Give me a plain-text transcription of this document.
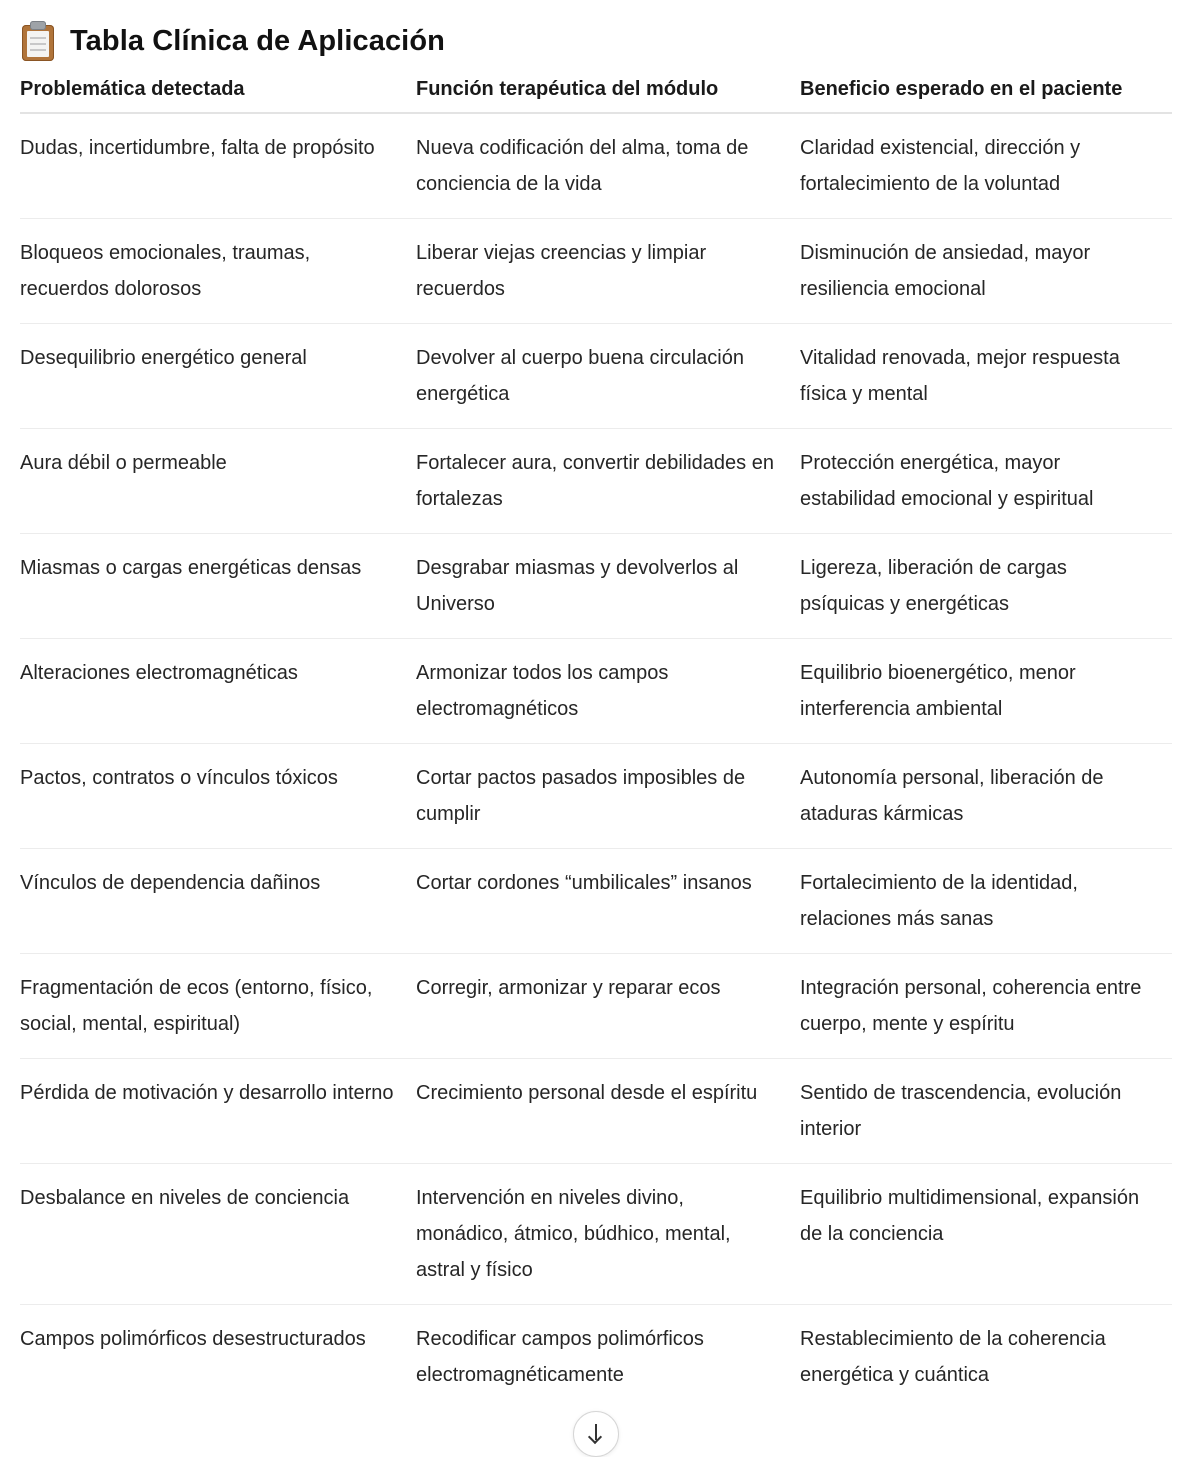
Tabla Clínica de Aplicación
Problemática detectada	Función terapéutica del módulo	Beneficio esperado en el paciente
Dudas, incertidumbre, falta de propósito	Nueva codificación del alma, toma de conciencia de la vida	Claridad existencial, dirección y fortalecimiento de la voluntad
Bloqueos emocionales, traumas, recuerdos dolorosos	Liberar viejas creencias y limpiar recuerdos	Disminución de ansiedad, mayor resiliencia emocional
Desequilibrio energético general	Devolver al cuerpo buena circulación energética	Vitalidad renovada, mejor respuesta física y mental
Aura débil o permeable	Fortalecer aura, convertir debilidades en fortalezas	Protección energética, mayor estabilidad emocional y espiritual
Miasmas o cargas energéticas densas	Desgrabar miasmas y devolverlos al Universo	Ligereza, liberación de cargas psíquicas y energéticas
Alteraciones electromagnéticas	Armonizar todos los campos electromagnéticos	Equilibrio bioenergético, menor interferencia ambiental
Pactos, contratos o vínculos tóxicos	Cortar pactos pasados imposibles de cumplir	Autonomía personal, liberación de ataduras kármicas
Vínculos de dependencia dañinos	Cortar cordones “umbilicales” insanos	Fortalecimiento de la identidad, relaciones más sanas
Fragmentación de ecos (entorno, físico, social, mental, espiritual)	Corregir, armonizar y reparar ecos	Integración personal, coherencia entre cuerpo, mente y espíritu
Pérdida de motivación y desarrollo interno	Crecimiento personal desde el espíritu	Sentido de trascendencia, evolución interior
Desbalance en niveles de conciencia	Intervención en niveles divino, monádico, átmico, búdhico, mental, astral y físico	Equilibrio multidimensional, expansión de la conciencia
Campos polimórficos desestructurados	Recodificar campos polimórficos electromagnéticamente	Restablecimiento de la coherencia energética y cuántica
